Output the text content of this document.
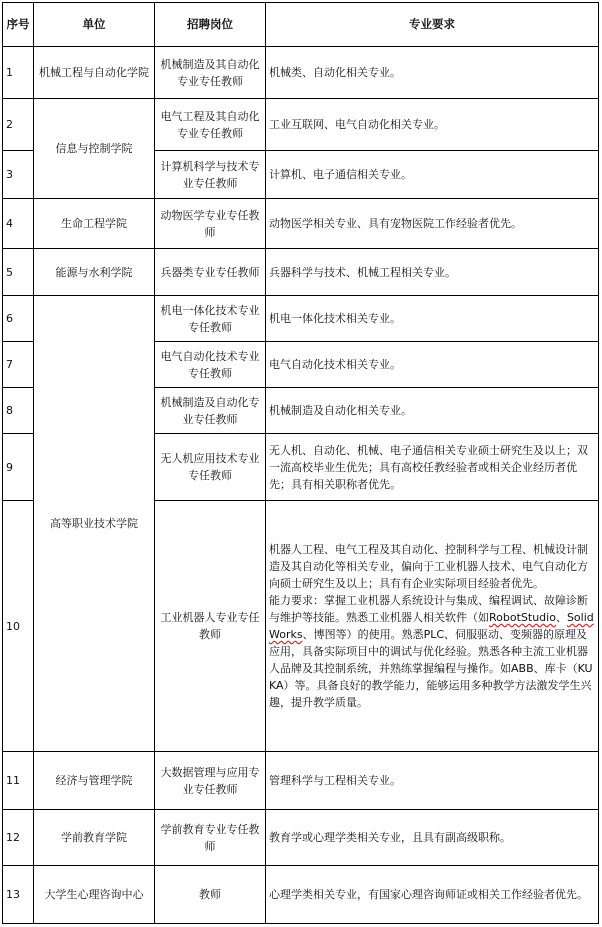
序号	单位	招聘岗位	专业要求
1	机械工程与自动化学院	机械制造及其自动化专业专任教师	机械类、自动化相关专业。
2	信息与控制学院	电气工程及其自动化专业专任教师	工业互联网、电气自动化相关专业。
3		计算机科学与技术专业专任教师	计算机、电子通信相关专业。
4	生命工程学院	动物医学专业专任教师	动物医学相关专业、具有宠物医院工作经验者优先。
5	能源与水利学院	兵器类专业专任教师	兵器科学与技术、机械工程相关专业。
6	高等职业技术学院	机电一体化技术专业专任教师	机电一体化技术相关专业。
7		电气自动化技术专业专任教师	电气自动化技术相关专业。
8		机械制造及自动化专业专任教师	机械制造及自动化相关专业。
9		无人机应用技术专业专任教师	无人机、自动化、机械、电子通信相关专业硕士研究生及以上；双一流高校毕业生优先；具有高校任教经验者或相关企业经历者优先；具有相关职称者优先。
10		工业机器人专业专任教师	机器人工程、电气工程及其自动化、控制科学与工程、机械设计制造及其自动化等相关专业，偏向于工业机器人技术、电气自动化方向硕士研究生及以上；具有有企业实际项目经验者优先。
能力要求：掌握工业机器人系统设计与集成、编程调试、故障诊断与维护等技能。熟悉工业机器人相关软件（如RobotStudio、SolidWorks、博图等）的使用。熟悉PLC、伺服驱动、变频器的原理及应用，具备实际项目中的调试与优化经验。熟悉各种主流工业机器人品牌及其控制系统，并熟练掌握编程与操作。如ABB、库卡（KUKA）等。具备良好的教学能力，能够运用多种教学方法激发学生兴趣，提升教学质量。

11	经济与管理学院	大数据管理与应用专业专任教师	管理科学与工程相关专业。
12	学前教育学院	学前教育专业专任教师	教育学或心理学类相关专业，且具有副高级职称。
13	大学生心理咨询中心	教师	心理学类相关专业，有国家心理咨询师证或相关工作经验者优先。
